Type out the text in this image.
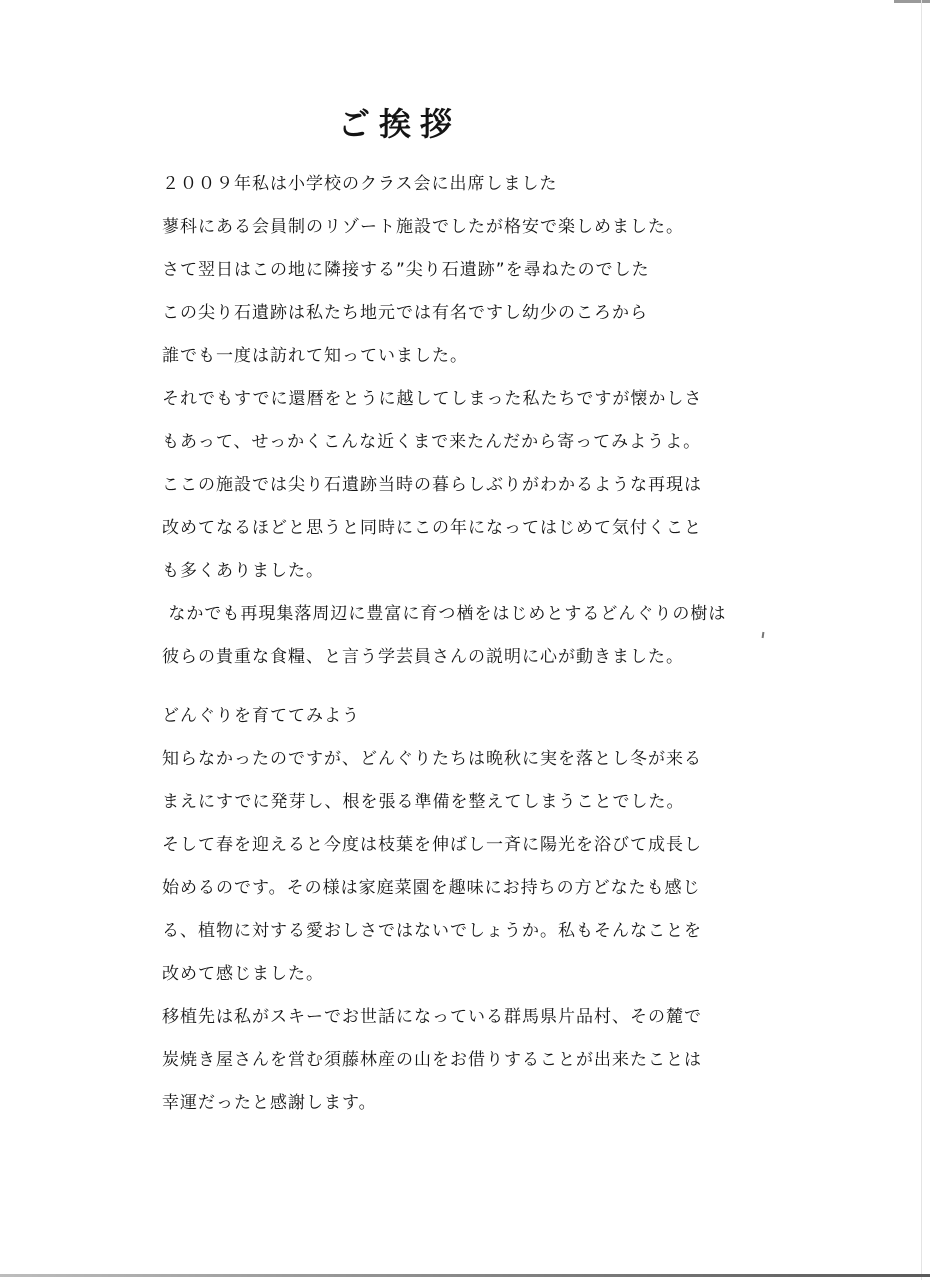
ご挨拶

２００９年私は小学校のクラス会に出席しました

蓼科にある会員制のリゾート施設でしたが格安で楽しめました。

さて翌日はこの地に隣接する”尖り石遺跡”を尋ねたのでした

この尖り石遺跡は私たち地元では有名ですし幼少のころから

誰でも一度は訪れて知っていました。

それでもすでに還暦をとうに越してしまった私たちですが懐かしさ

もあって、せっかくこんな近くまで来たんだから寄ってみようよ。

ここの施設では尖り石遺跡当時の暮らしぶりがわかるような再現は

改めてなるほどと思うと同時にこの年になってはじめて気付くこと

も多くありました。

なかでも再現集落周辺に豊富に育つ楢をはじめとするどんぐりの樹は

彼らの貴重な食糧、と言う学芸員さんの説明に心が動きました。

どんぐりを育ててみよう

知らなかったのですが、どんぐりたちは晩秋に実を落とし冬が来る

まえにすでに発芽し、根を張る準備を整えてしまうことでした。

そして春を迎えると今度は枝葉を伸ばし一斉に陽光を浴びて成長し

始めるのです。その様は家庭菜園を趣味にお持ちの方どなたも感じ

る、植物に対する愛おしさではないでしょうか。私もそんなことを

改めて感じました。

移植先は私がスキーでお世話になっている群馬県片品村、その麓で

炭焼き屋さんを営む須藤林産の山をお借りすることが出来たことは

幸運だったと感謝します。
